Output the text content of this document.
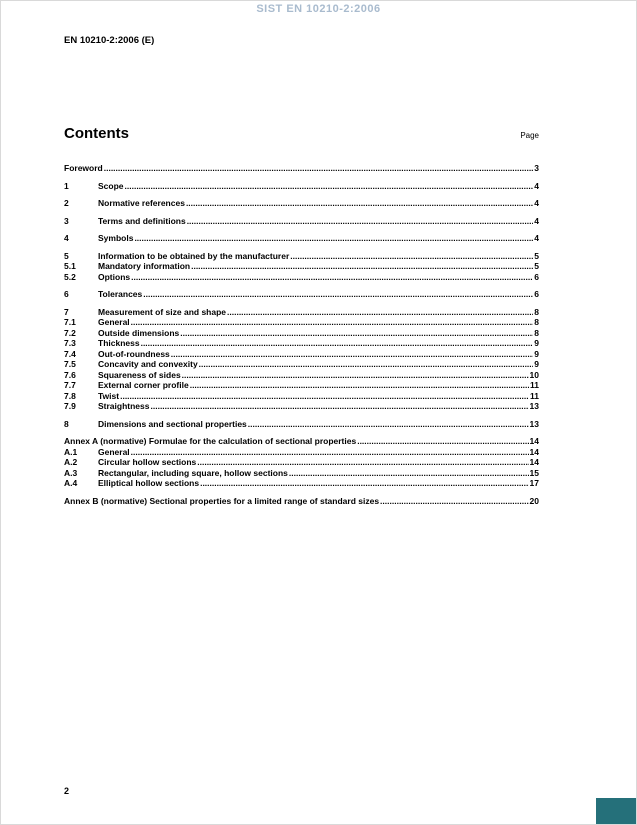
SIST EN 10210-2:2006
EN 10210-2:2006 (E)
Contents	Page
Foreword .....	3
1	Scope .....	4
2	Normative references .....	4
3	Terms and definitions .....	4
4	Symbols .....	4
5	Information to be obtained by the manufacturer .....	5
5.1	Mandatory information .....	5
5.2	Options .....	6
6	Tolerances .....	6
7	Measurement of size and shape .....	8
7.1	General .....	8
7.2	Outside dimensions .....	8
7.3	Thickness .....	9
7.4	Out-of-roundness .....	9
7.5	Concavity and convexity .....	9
7.6	Squareness of sides .....	10
7.7	External corner profile .....	11
7.8	Twist .....	11
7.9	Straightness .....	13
8	Dimensions and sectional properties .....	13
Annex A (normative) Formulae for the calculation of sectional properties .....	14
A.1	General .....	14
A.2	Circular hollow sections .....	14
A.3	Rectangular, including square, hollow sections .....	15
A.4	Elliptical hollow sections .....	17
Annex B (normative) Sectional properties for a limited range of standard sizes .....	20
2
